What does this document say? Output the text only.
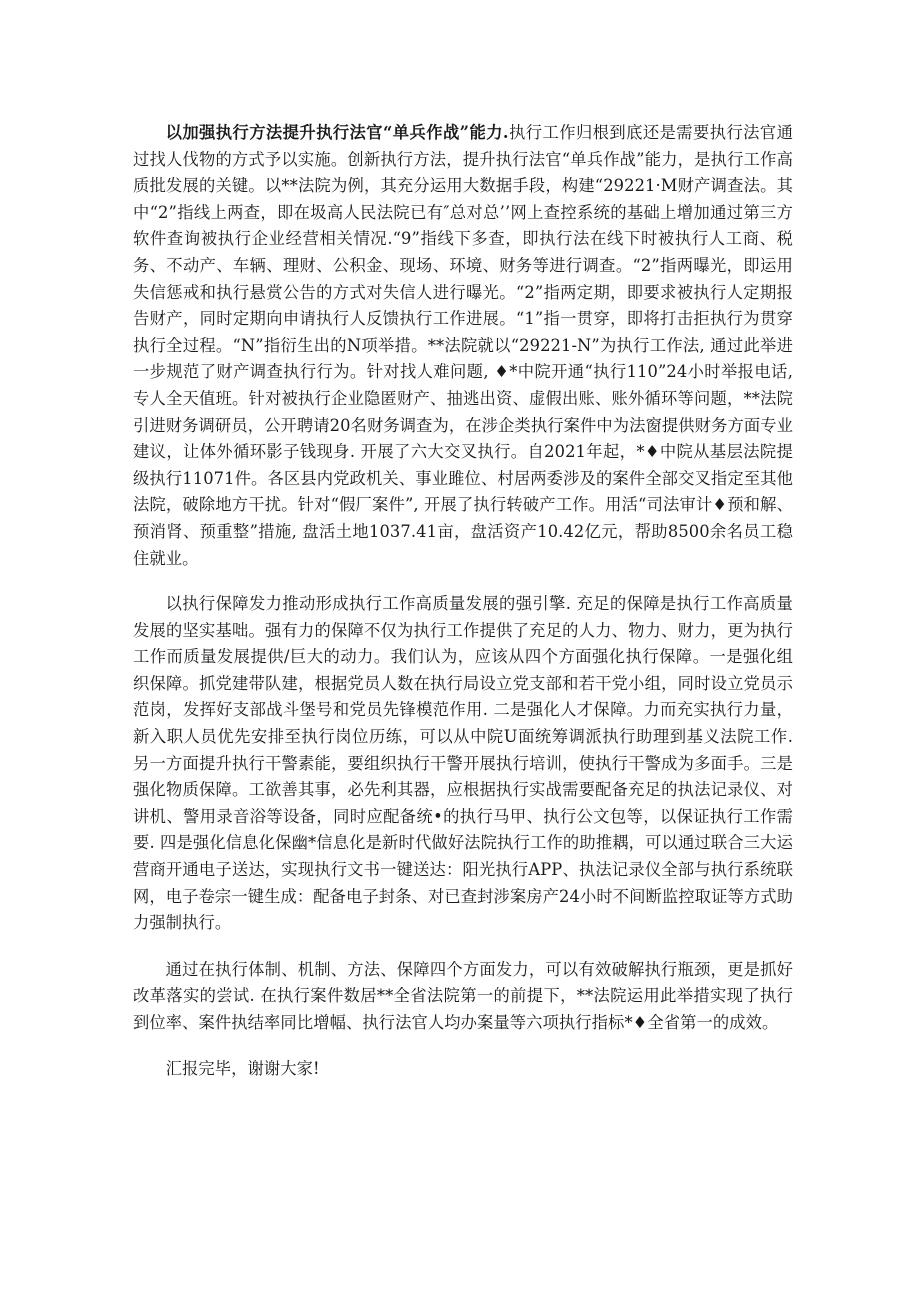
以加强执行方法提升执行法官“单兵作战”能力.执行工作归根到底还是需要执行法官通过找人伐物的方式予以实施。创新执行方法，提升执行法官“单兵作战”能力，是执行工作高质批发展的关键。以**法院为例，其充分运用大数据手段，构建“29221·M财产调查法。其中“2”指线上两查，即在圾高人民法院已有″总对总’’网上查控系统的基础上增加通过第三方软件查询被执行企业经营相关情况.“9”指线下多查，即执行法在线下时被执行人工商、税务、不动产、车辆、理财、公积金、现场、环境、财务等进行调查。“2”指两曝光，即运用失信惩戒和执行悬赏公告的方式对失信人进行曝光。“2”指两定期，即要求被执行人定期报告财产，同时定期向申请执行人反馈执行工作进展。“1”指一贯穿，即将打击拒执行为贯穿执行全过程。“N”指衍生出的N项举措。**法院就以“29221-N”为执行工作法, 通过此举进一步规范了财产调查执行行为。针对找人难问题, ♦*中院开通“执行110”24小时举报电话, 专人全天值班。针对被执行企业隐匿财产、抽逃出资、虚假出账、账外循环等问题，**法院引进财务调研员，公开聘请20名财务调查为，在涉企类执行案件中为法窗提供财务方面专业建议，让体外循环影子钱现身. 开展了六大交叉执行。自2021年起，*♦中院从基层法院提级执行11071件。各区县内党政机关、事业雎位、村居两委涉及的案件全部交叉指定至其他法院，破除地方干扰。针对“假厂案件”, 开展了执行转破产工作。用活“司法审计♦预和解、预消肾、预重整”措施, 盘活土地1037.41亩，盘活资产10.42亿元，帮助8500余名员工稳住就业。

以执行保障发力推动形成执行工作高质量发展的强引擎. 充足的保障是执行工作高质量发展的坚实基咄。强有力的保障不仅为执行工作提供了充足的人力、物力、财力，更为执行工作而质量发展提供/巨大的动力。我们认为，应该从四个方面强化执行保障。一是强化组织保障。抓党建带队建，根据党员人数在执行局设立党支部和若干党小组，同时设立党员示范岗，发挥好支部战斗堡号和党员先锋模范作用. 二是强化人才保障。力而充实执行力量，新入职人员优先安排至执行岗位历练，可以从中院U面统筹调派执行助理到基义法院工作. 另一方面提升执行干警素能，要组织执行干警开展执行培训，使执行干警成为多面手。三是强化物质保障。工欲善其事，必先利其器，应根据执行实战需要配备充足的执法记录仪、对讲机、警用录音浴等设备，同时应配备统•的执行马甲、执行公文包等，以保证执行工作需要. 四是强化信息化保幽*信息化是新时代做好法院执行工作的助推耦，可以通过联合三大运营商开通电子送达，实现执行文书一键送达：阳光执行APP、执法记录仪全部与执行系统联网，电子卷宗一键生成：配备电子封条、对已查封涉案房产24小时不间断监控取证等方式助力强制执行。

通过在执行体制、机制、方法、保障四个方面发力，可以有效破解执行瓶颈，更是抓好改革落实的尝试. 在执行案件数居**全省法院第一的前提下，**法院运用此举措实现了执行到位率、案件执结率同比增幅、执行法官人均办案量等六项执行指标*♦全省第一的成效。

汇报完毕，谢谢大家!
